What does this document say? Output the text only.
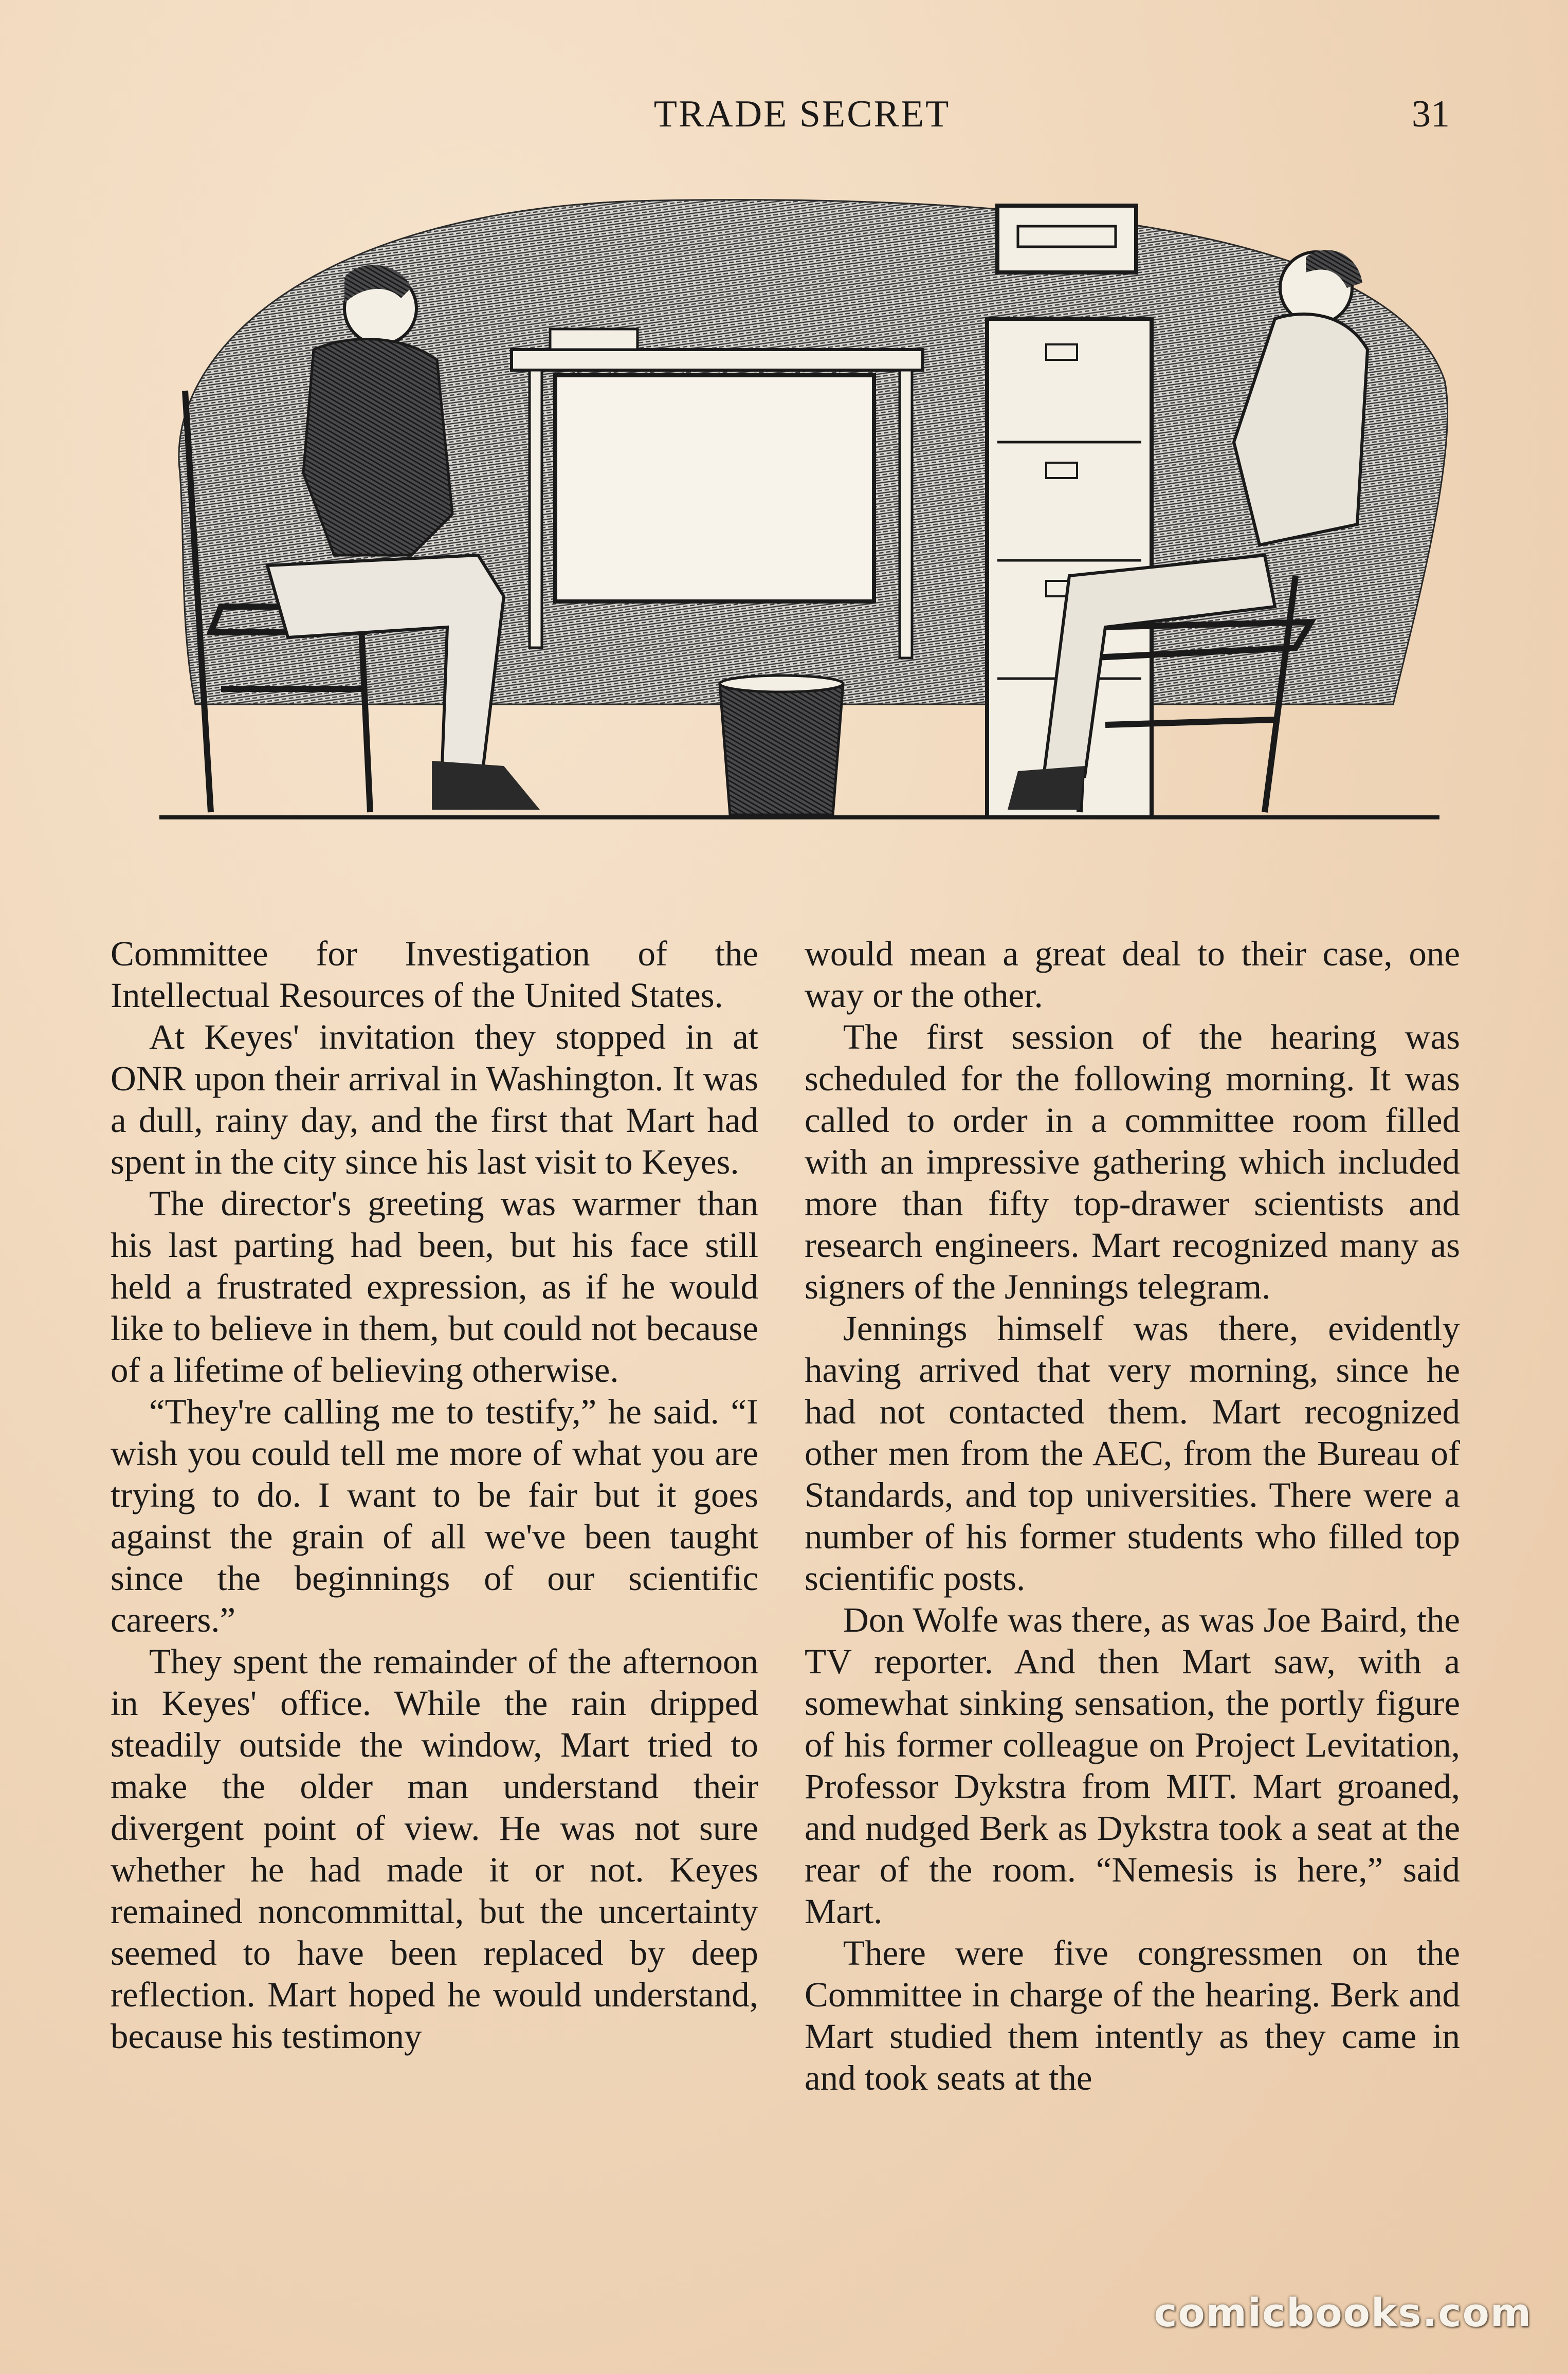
TRADE SECRET	31

Committee for Investigation of the Intellectual Resources of the United States.

At Keyes' invitation they stopped in at ONR upon their arrival in Washington. It was a dull, rainy day, and the first that Mart had spent in the city since his last visit to Keyes.

The director's greeting was warmer than his last parting had been, but his face still held a frustrated expression, as if he would like to believe in them, but could not because of a lifetime of believing otherwise.

“They're calling me to testify,” he said. “I wish you could tell me more of what you are trying to do. I want to be fair but it goes against the grain of all we've been taught since the beginnings of our scientific careers.”

They spent the remainder of the afternoon in Keyes' office. While the rain dripped steadily outside the window, Mart tried to make the older man understand their divergent point of view. He was not sure whether he had made it or not. Keyes remained noncommittal, but the uncertainty seemed to have been replaced by deep reflection. Mart hoped he would understand, because his testimony

would mean a great deal to their case, one way or the other.

The first session of the hearing was scheduled for the following morning. It was called to order in a committee room filled with an impressive gathering which included more than fifty top-drawer scientists and research engineers. Mart recognized many as signers of the Jennings telegram.

Jennings himself was there, evidently having arrived that very morning, since he had not contacted them. Mart recognized other men from the AEC, from the Bureau of Standards, and top universities. There were a number of his former students who filled top scientific posts.

Don Wolfe was there, as was Joe Baird, the TV reporter. And then Mart saw, with a somewhat sinking sensation, the portly figure of his former colleague on Project Levitation, Professor Dykstra from MIT. Mart groaned, and nudged Berk as Dykstra took a seat at the rear of the room. “Nemesis is here,” said Mart.

There were five congressmen on the Committee in charge of the hearing. Berk and Mart studied them intently as they came in and took seats at the

comicbooks.com
